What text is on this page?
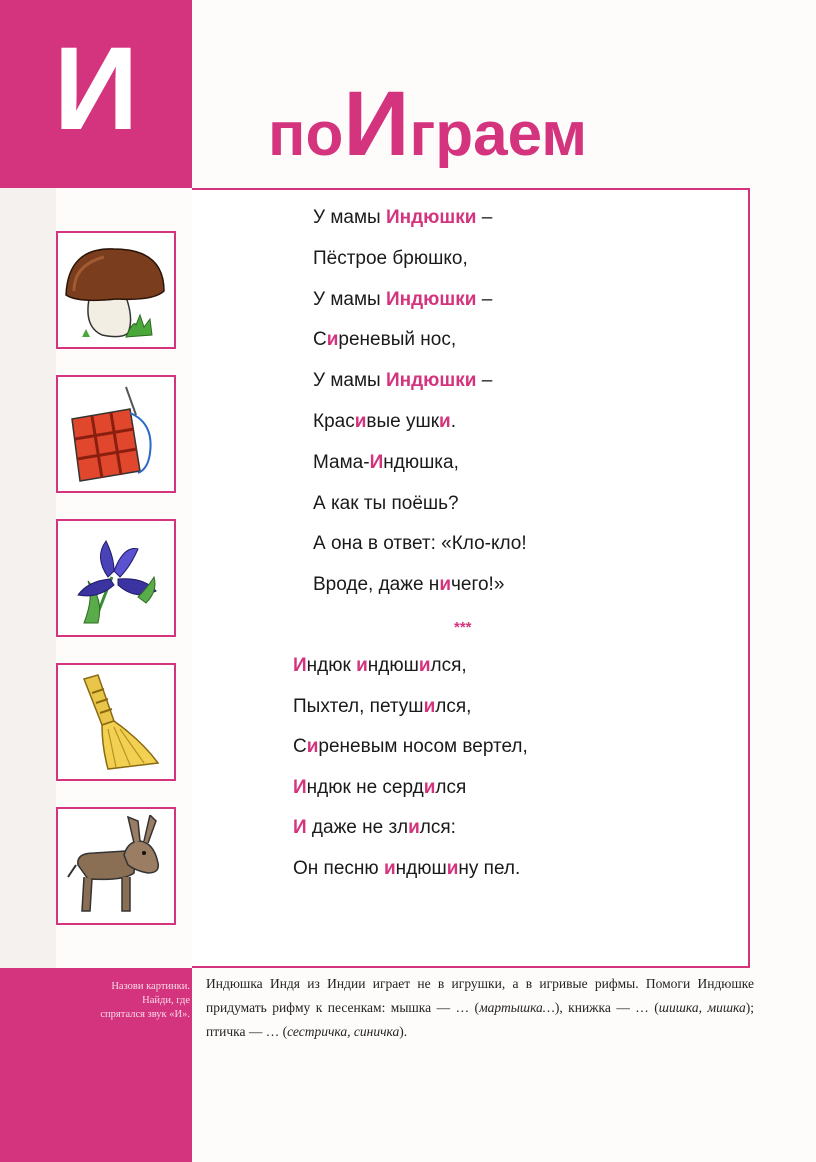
И
Назови картинки. Найди, где спрятался звук «И».
поИграем
У мамы Индюшки –
Пёстрое брюшко,
У мамы Индюшки –
Сиреневый нос,
У мамы Индюшки –
Красивые ушки.
Мама-Индюшка,
А как ты поёшь?
А она в ответ: «Кло-кло!
Вроде, даже ничего!»
***
Индюк индюшился,
Пыхтел, петушился,
Сиреневым носом вертел,
Индюк не сердился
И даже не злился:
Он песню индюшину пел.
Индюшка Индя из Индии играет не в игрушки, а в игривые рифмы. Помоги Индюшке придумать рифму к песенкам: мышка — … (мартышка…), книжка — … (шишка, мишка); птичка — … (сестричка, синичка).
